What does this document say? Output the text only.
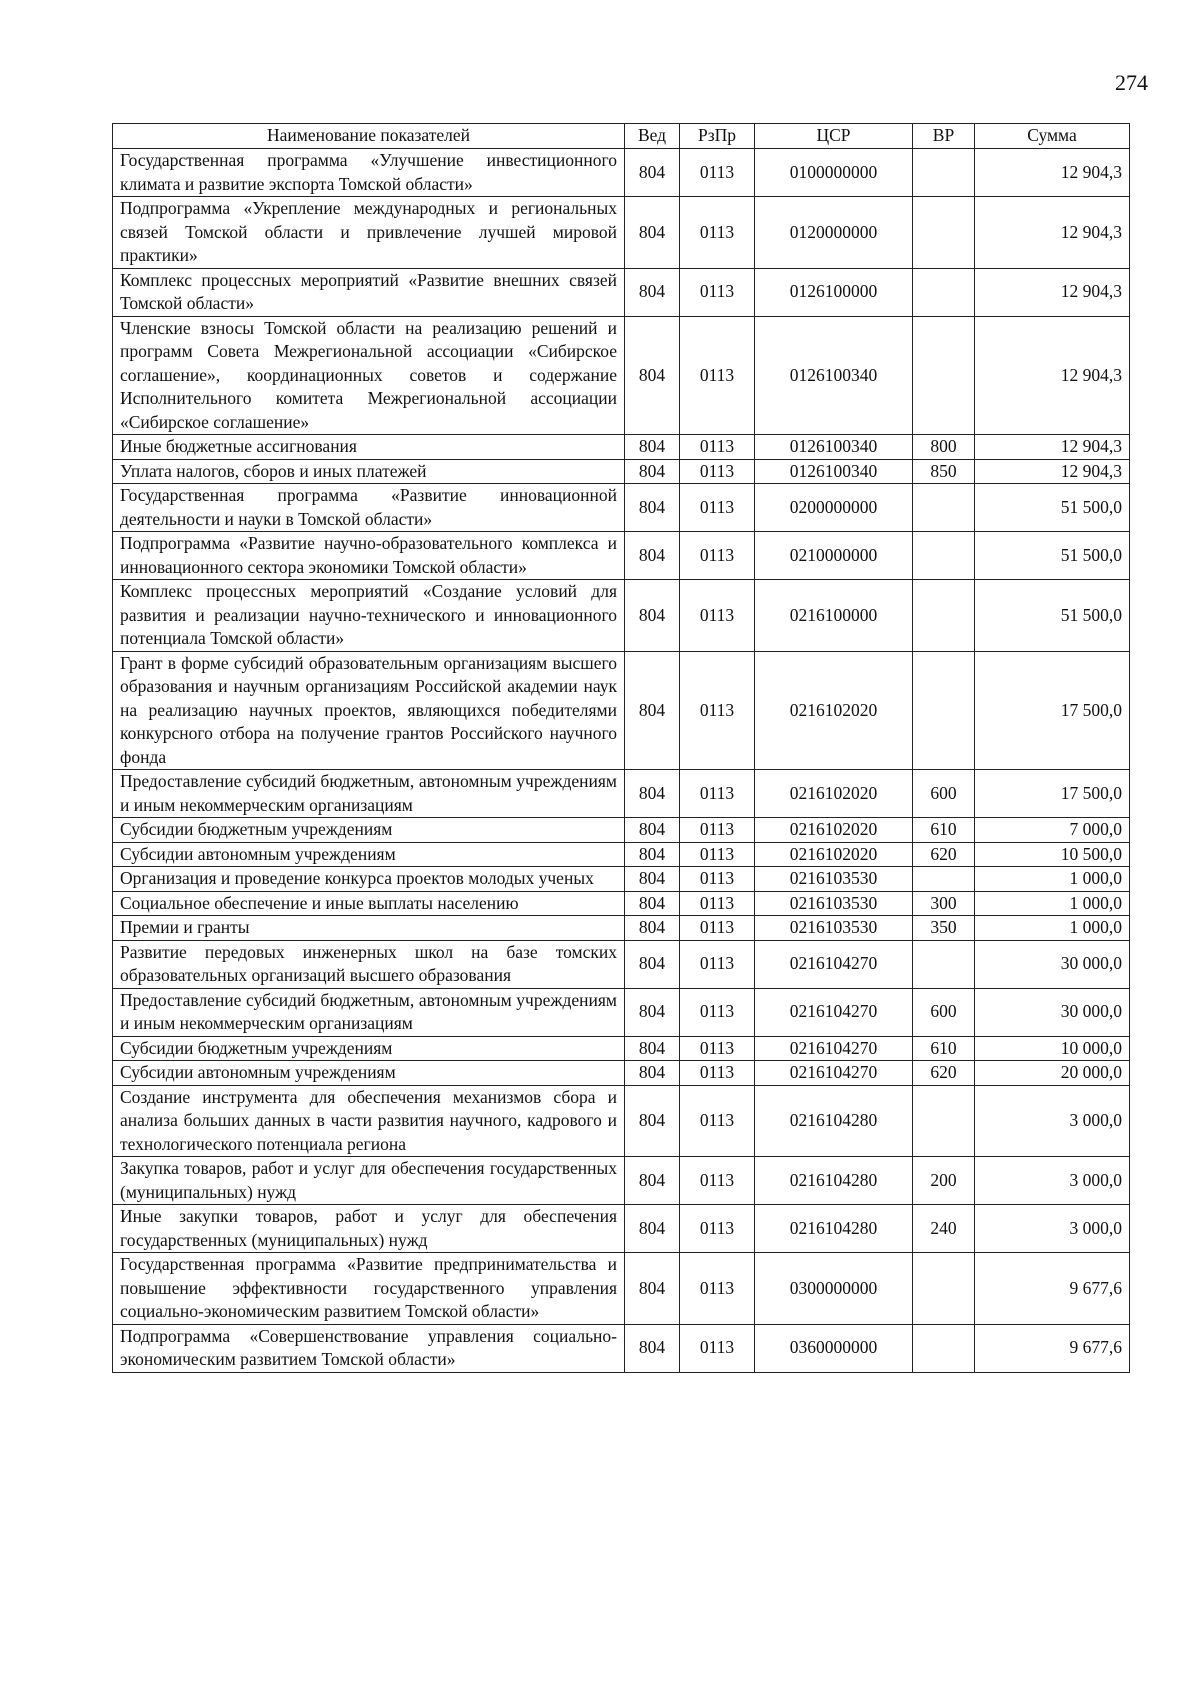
274
Наименование показателей	Вед	РзПр	ЦСР	ВР	Сумма
Государственная программа «Улучшение инвестиционного климата и развитие экспорта Томской области»	804	0113	0100000000		12 904,3
Подпрограмма «Укрепление международных и региональных связей Томской области и привлечение лучшей мировой практики»	804	0113	0120000000		12 904,3
Комплекс процессных мероприятий «Развитие внешних связей Томской области»	804	0113	0126100000		12 904,3
Членские взносы Томской области на реализацию решений и программ Совета Межрегиональной ассоциации «Сибирское соглашение», координационных советов и содержание Исполнительного комитета Межрегиональной ассоциации «Сибирское соглашение»	804	0113	0126100340		12 904,3
Иные бюджетные ассигнования	804	0113	0126100340	800	12 904,3
Уплата налогов, сборов и иных платежей	804	0113	0126100340	850	12 904,3
Государственная программа «Развитие инновационной деятельности и науки в Томской области»	804	0113	0200000000		51 500,0
Подпрограмма «Развитие научно-образовательного комплекса и инновационного сектора экономики Томской области»	804	0113	0210000000		51 500,0
Комплекс процессных мероприятий «Создание условий для развития и реализации научно-технического и инновационного потенциала Томской области»	804	0113	0216100000		51 500,0
Грант в форме субсидий образовательным организациям высшего образования и научным организациям Российской академии наук на реализацию научных проектов, являющихся победителями конкурсного отбора на получение грантов Российского научного фонда	804	0113	0216102020		17 500,0
Предоставление субсидий бюджетным, автономным учреждениям и иным некоммерческим организациям	804	0113	0216102020	600	17 500,0
Субсидии бюджетным учреждениям	804	0113	0216102020	610	7 000,0
Субсидии автономным учреждениям	804	0113	0216102020	620	10 500,0
Организация и проведение конкурса проектов молодых ученых	804	0113	0216103530		1 000,0
Социальное обеспечение и иные выплаты населению	804	0113	0216103530	300	1 000,0
Премии и гранты	804	0113	0216103530	350	1 000,0
Развитие передовых инженерных школ на базе томских образовательных организаций высшего образования	804	0113	0216104270		30 000,0
Предоставление субсидий бюджетным, автономным учреждениям и иным некоммерческим организациям	804	0113	0216104270	600	30 000,0
Субсидии бюджетным учреждениям	804	0113	0216104270	610	10 000,0
Субсидии автономным учреждениям	804	0113	0216104270	620	20 000,0
Создание инструмента для обеспечения механизмов сбора и анализа больших данных в части развития научного, кадрового и технологического потенциала региона	804	0113	0216104280		3 000,0
Закупка товаров, работ и услуг для обеспечения государственных (муниципальных) нужд	804	0113	0216104280	200	3 000,0
Иные закупки товаров, работ и услуг для обеспечения государственных (муниципальных) нужд	804	0113	0216104280	240	3 000,0
Государственная программа «Развитие предпринимательства и повышение эффективности государственного управления социально-экономическим развитием Томской области»	804	0113	0300000000		9 677,6
Подпрограмма «Совершенствование управления социально-экономическим развитием Томской области»	804	0113	0360000000		9 677,6
